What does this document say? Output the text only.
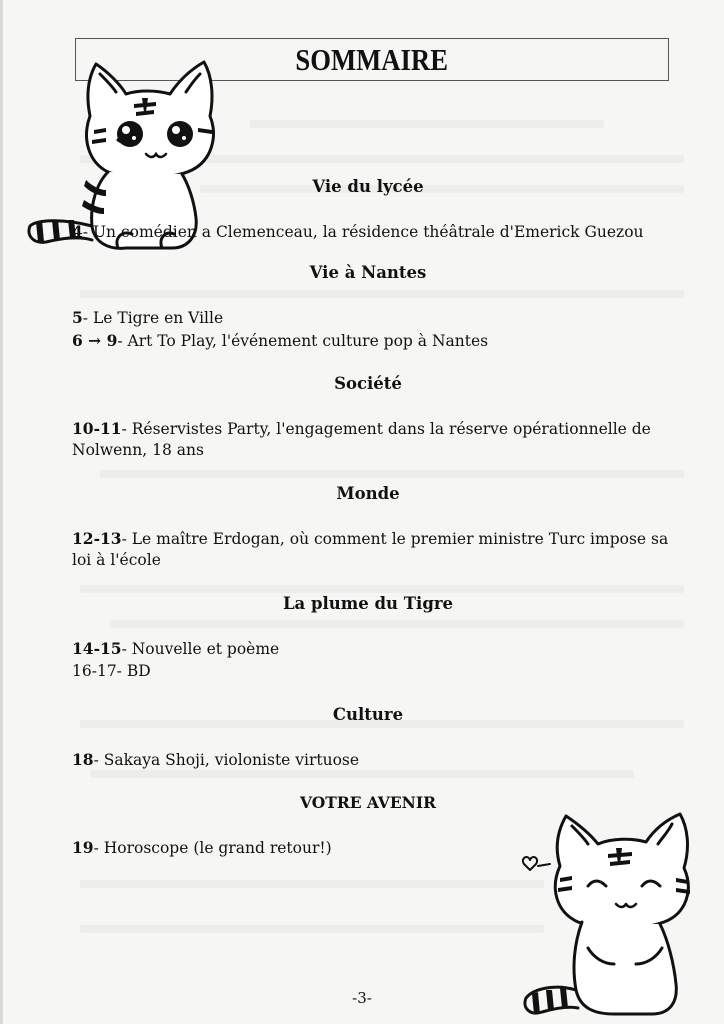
SOMMAIRE
Vie du lycée
4- Un comédien a Clemenceau, la résidence théâtrale d'Emerick Guezou
Vie à Nantes
5- Le Tigre en Ville
6 → 9- Art To Play, l'événement culture pop à Nantes
Société
10-11- Réservistes Party, l'engagement dans la réserve opérationnelle de Nolwenn, 18 ans
Monde
12-13- Le maître Erdogan, où comment le premier ministre Turc impose sa loi à l'école
La plume du Tigre
14-15- Nouvelle et poème
16-17- BD
Culture
18- Sakaya Shoji, violoniste virtuose
VOTRE AVENIR
19- Horoscope (le grand retour!)
-3-
